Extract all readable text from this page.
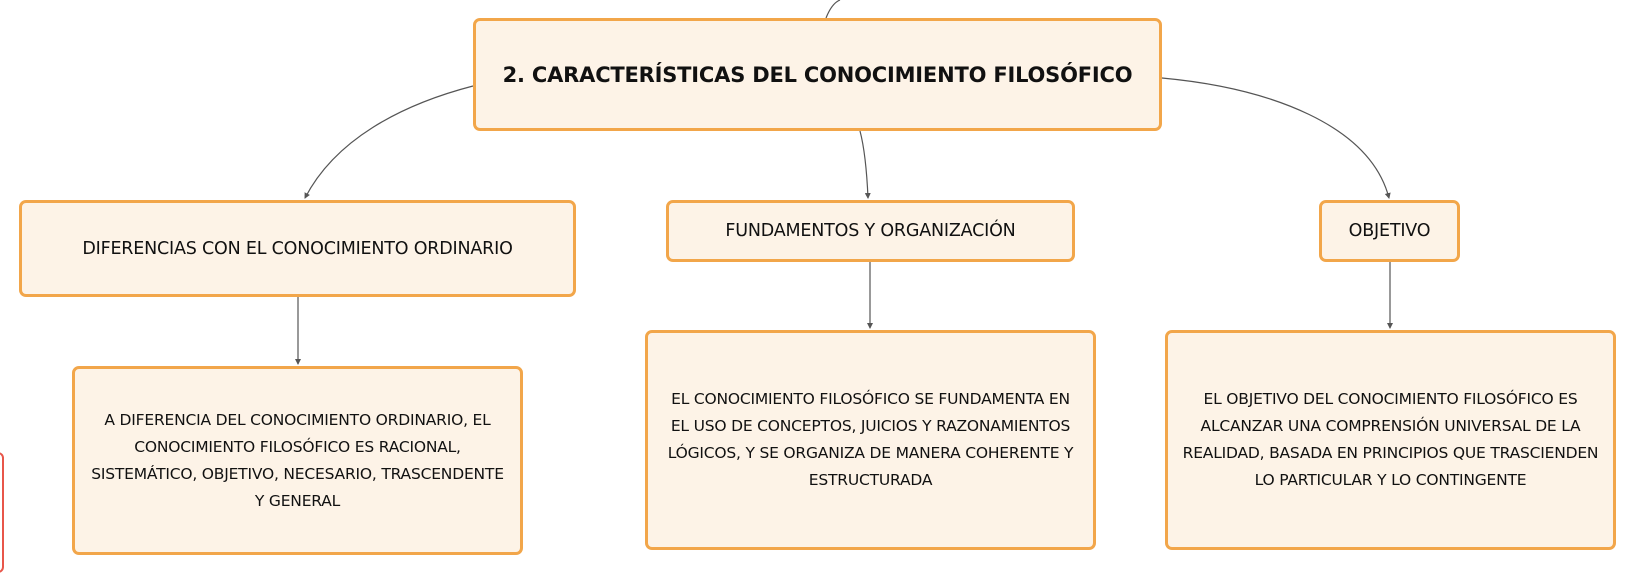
2. CARACTERÍSTICAS DEL CONOCIMIENTO FILOSÓFICO
DIFERENCIAS CON EL CONOCIMIENTO ORDINARIO
FUNDAMENTOS Y ORGANIZACIÓN	OBJETIVO
A DIFERENCIA DEL CONOCIMIENTO ORDINARIO, EL CONOCIMIENTO FILOSÓFICO ES RACIONAL, SISTEMÁTICO, OBJETIVO, NECESARIO, TRASCENDENTE Y GENERAL
EL CONOCIMIENTO FILOSÓFICO SE FUNDAMENTA EN EL USO DE CONCEPTOS, JUICIOS Y RAZONAMIENTOS LÓGICOS, Y SE ORGANIZA DE MANERA COHERENTE Y ESTRUCTURADA
EL OBJETIVO DEL CONOCIMIENTO FILOSÓFICO ES ALCANZAR UNA COMPRENSIÓN UNIVERSAL DE LA REALIDAD, BASADA EN PRINCIPIOS QUE TRASCIENDEN LO PARTICULAR Y LO CONTINGENTE
